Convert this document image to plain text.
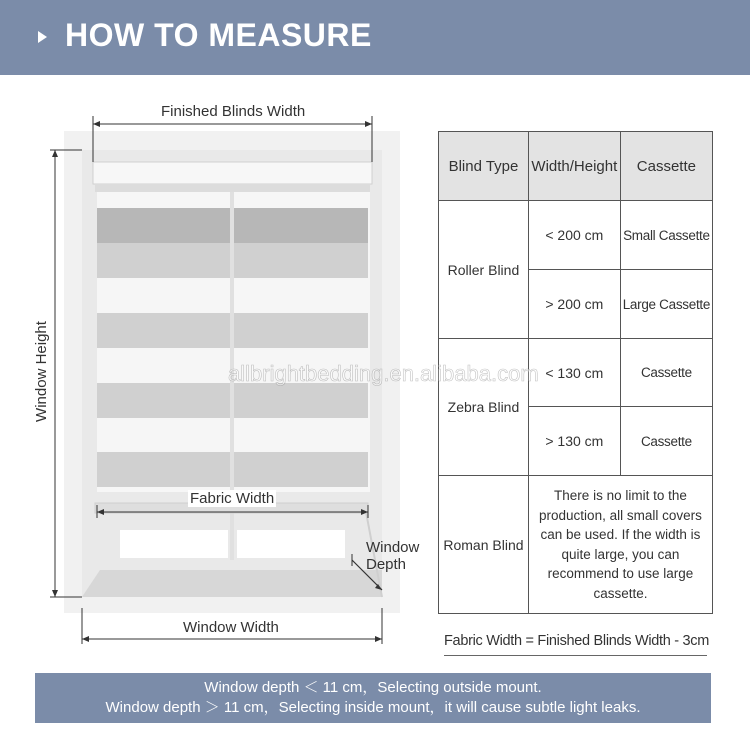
HOW TO MEASURE
Finished Blinds Width
Window Height
Fabric Width
Window
Depth
Window Width
Blind Type	Width/Height	Cassette
Roller Blind	< 200 cm	Small Cassette
	> 200 cm	Large Cassette
Zebra Blind	< 130 cm	Cassette
	> 130 cm	Cassette
Roman Blind	There is no limit to the production, all small covers can be used. If the width is quite large, you can recommend to use large cassette.	
Fabric Width = Finished Blinds Width - 3cm
allbrightbedding.en.alibaba.com
Window depth ＜ 11 cm，Selecting outside mount.
Window depth ＞ 11 cm，Selecting inside mount，it will cause subtle light leaks.
